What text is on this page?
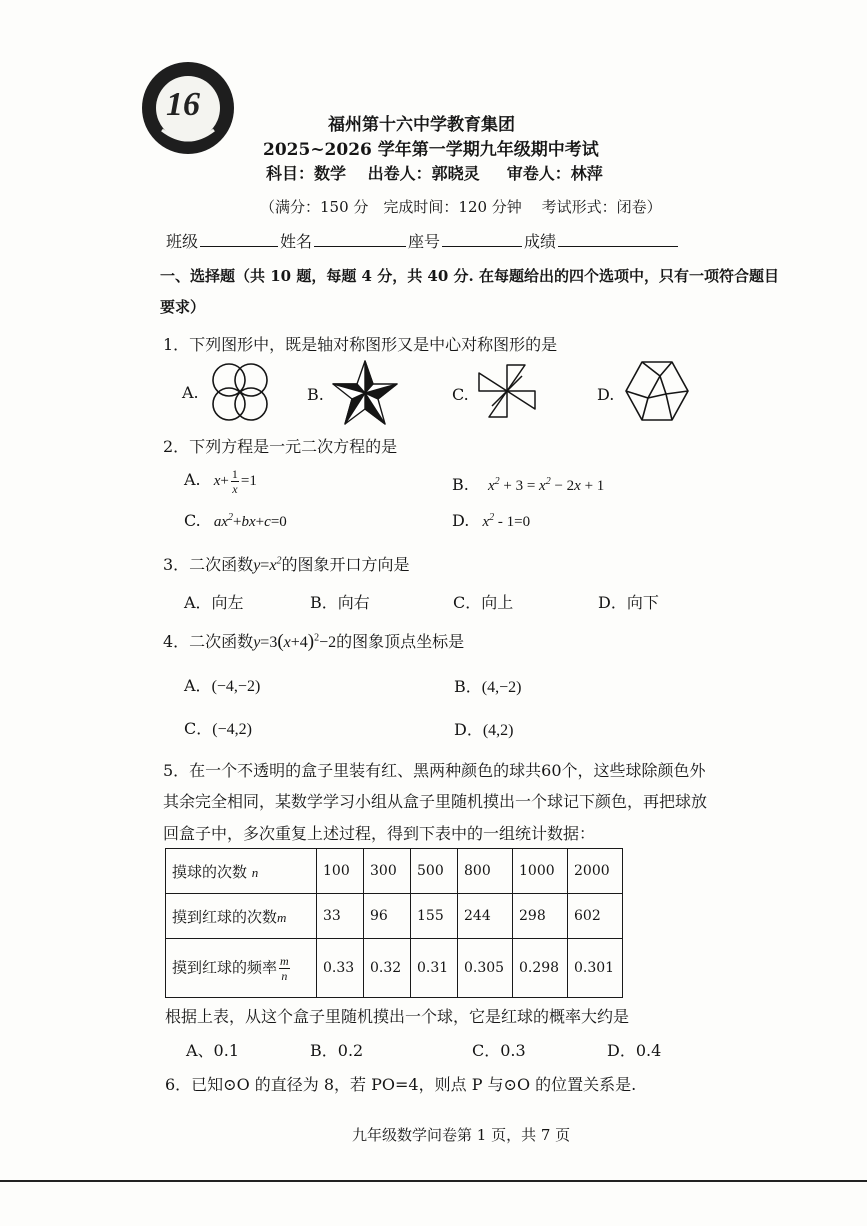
16
福州第十六中学教育集团
2025~2026 学年第一学期九年级期中考试
科目：数学　 出卷人：郭晓灵 　 审卷人：林萍
（满分：150 分　完成时间：120 分钟　 考试形式：闭卷）
班级	姓名	座号	成绩
一、选择题（共 10 题，每题 4 分，共 40 分. 在每题给出的四个选项中，只有一项符合题目
要求）
1．下列图形中，既是轴对称图形又是中心对称图形的是
A.	B.	C.	D.
2．下列方程是一元二次方程的是
A. $x+ \frac{1}{x} =1$	B. $x^2 + 3 = x^2 - 2x + 1$
C. $ax^2+bx+c=0$	D. $x^2 - 1=0$
3．二次函数$y=x^2$的图象开口方向是
A．向左	B．向右	C．向上	D．向下
4．二次函数$y=3(x+4)^2-2$的图象顶点坐标是
A．(−4,−2)	B．(4,−2)
C．(−4,2)	D．(4,2)
5．在一个不透明的盒子里装有红、黑两种颜色的球共60个，这些球除颜色外
其余完全相同，某数学学习小组从盒子里随机摸出一个球记下颜色，再把球放
回盒子中，多次重复上述过程，得到下表中的一组统计数据：
摸球的次数 n	100	300	500	800	1000	2000
摸到红球的次数m	33	96	155	244	298	602
摸到红球的频率 $\frac{m}{n}$	0.33	0.32	0.31	0.305	0.298	0.301
根据上表，从这个盒子里随机摸出一个球，它是红球的概率大约是
A、0.1	B．0.2	C．0.3	D．0.4
6．已知⊙O 的直径为 8，若 PO=4，则点 P 与⊙O 的位置关系是.
九年级数学问卷第 1 页，共 7 页
